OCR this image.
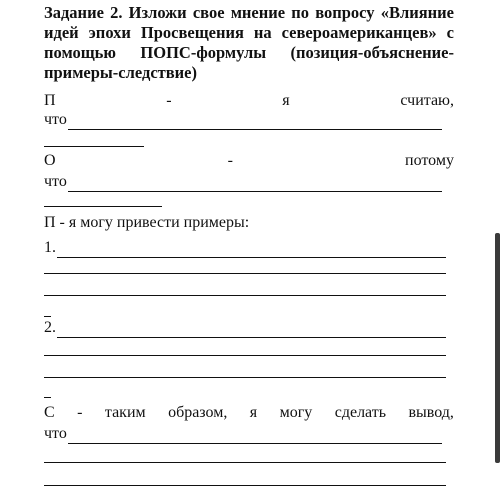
Задание 2. Изложи свое мнение по вопросу «Влияние идей эпохи Просвещения на североамериканцев» с помощью ПОПС-формулы (позиция-объяснение-примеры-следствие)
П	-	я	считаю,
что
О	-	потому
что
П - я могу привести примеры:
1.
2.
С - таким образом, я могу сделать вывод,
что
